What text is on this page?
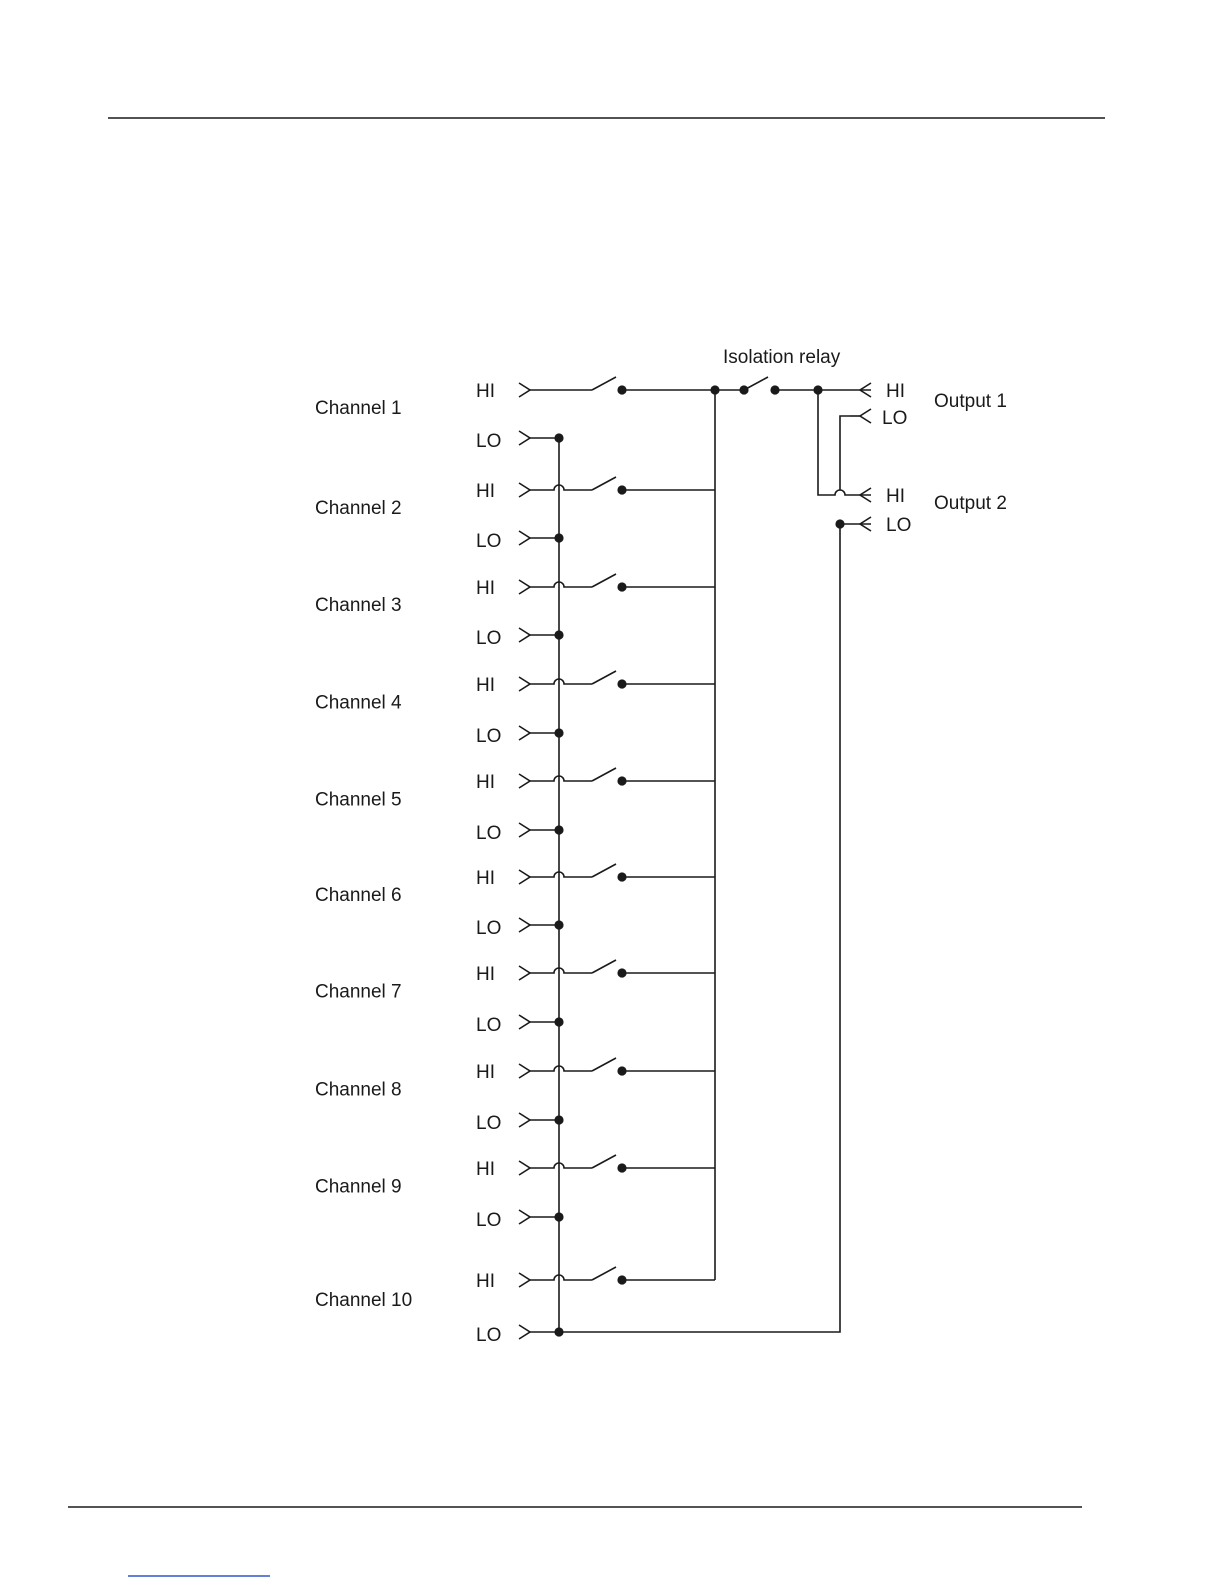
Channel 1
HI
LO
Channel 2
HI
LO
Channel 3
HI
LO
Channel 4
HI
LO
Channel 5
HI
LO
Channel 6
HI
LO
Channel 7
HI
LO
Channel 8
HI
LO
Channel 9
HI
LO
Channel 10
HI
LO
Isolation relay
HI
LO
Output 1
HI
LO
Output 2
